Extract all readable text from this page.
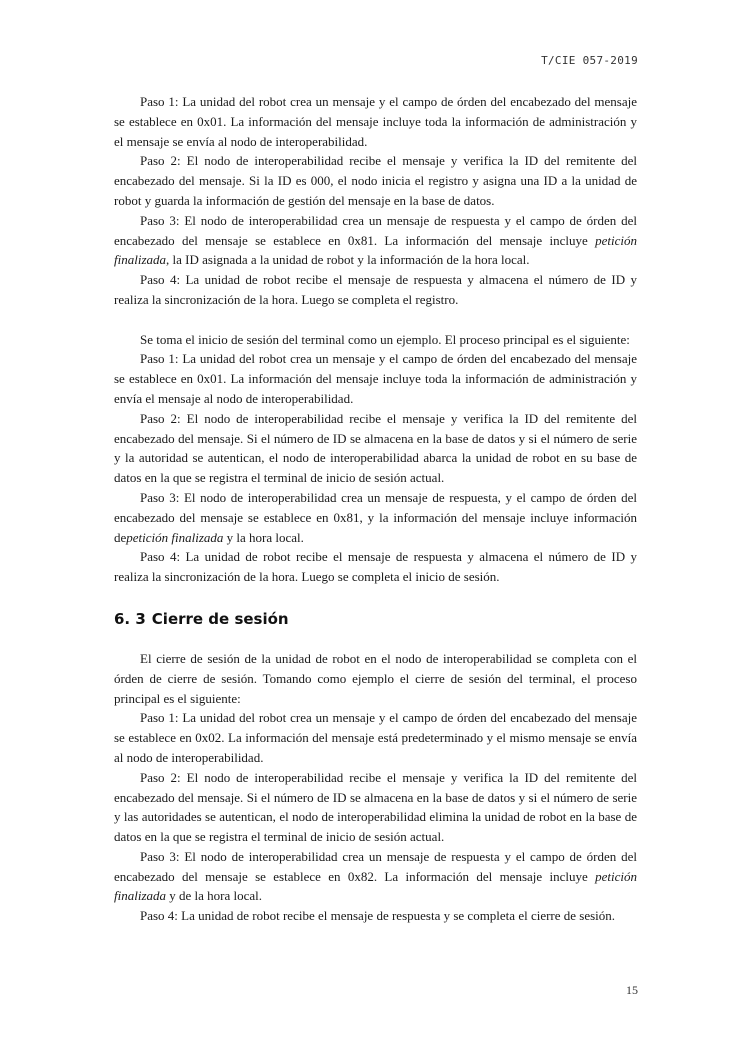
T/CIE 057-2019

Paso 1: La unidad del robot crea un mensaje y el campo de órden del encabezado del mensaje se establece en 0x01. La información del mensaje incluye toda la información de administración y el mensaje se envía al nodo de interoperabilidad.

Paso 2: El nodo de interoperabilidad recibe el mensaje y verifica la ID del remitente del encabezado del mensaje. Si la ID es 000, el nodo inicia el registro y asigna una ID a la unidad de robot y guarda la información de gestión del mensaje en la base de datos.

Paso 3: El nodo de interoperabilidad crea un mensaje de respuesta y el campo de órden del encabezado del mensaje se establece en 0x81. La información del mensaje incluye petición finalizada, la ID asignada a la unidad de robot y la información de la hora local.

Paso 4: La unidad de robot recibe el mensaje de respuesta y almacena el número de ID y realiza la sincronización de la hora. Luego se completa el registro.

Se toma el inicio de sesión del terminal como un ejemplo. El proceso principal es el siguiente:

Paso 1: La unidad del robot crea un mensaje y el campo de órden del encabezado del mensaje se establece en 0x01. La información del mensaje incluye toda la información de administración y envía el mensaje al nodo de interoperabilidad.

Paso 2: El nodo de interoperabilidad recibe el mensaje y verifica la ID del remitente del encabezado del mensaje. Si el número de ID se almacena en la base de datos y si el número de serie y la autoridad se autentican, el nodo de interoperabilidad abarca la unidad de robot en su base de datos en la que se registra el terminal de inicio de sesión actual.

Paso 3: El nodo de interoperabilidad crea un mensaje de respuesta, y el campo de órden del encabezado del mensaje se establece en 0x81, y la información del mensaje incluye información depetición finalizada y la hora local.

Paso 4: La unidad de robot recibe el mensaje de respuesta y almacena el número de ID y realiza la sincronización de la hora. Luego se completa el inicio de sesión.

6. 3 Cierre de sesión

El cierre de sesión de la unidad de robot en el nodo de interoperabilidad se completa con el órden de cierre de sesión. Tomando como ejemplo el cierre de sesión del terminal, el proceso principal es el siguiente:

Paso 1: La unidad del robot crea un mensaje y el campo de órden del encabezado del mensaje se establece en 0x02. La información del mensaje está predeterminado y el mismo mensaje se envía al nodo de interoperabilidad.

Paso 2: El nodo de interoperabilidad recibe el mensaje y verifica la ID del remitente del encabezado del mensaje. Si el número de ID se almacena en la base de datos y si el número de serie y las autoridades se autentican, el nodo de interoperabilidad elimina la unidad de robot en la base de datos en la que se registra el terminal de inicio de sesión actual.

Paso 3: El nodo de interoperabilidad crea un mensaje de respuesta y el campo de órden del encabezado del mensaje se establece en 0x82. La información del mensaje incluye petición finalizada y de la hora local.

Paso 4: La unidad de robot recibe el mensaje de respuesta y se completa el cierre de sesión.

15
